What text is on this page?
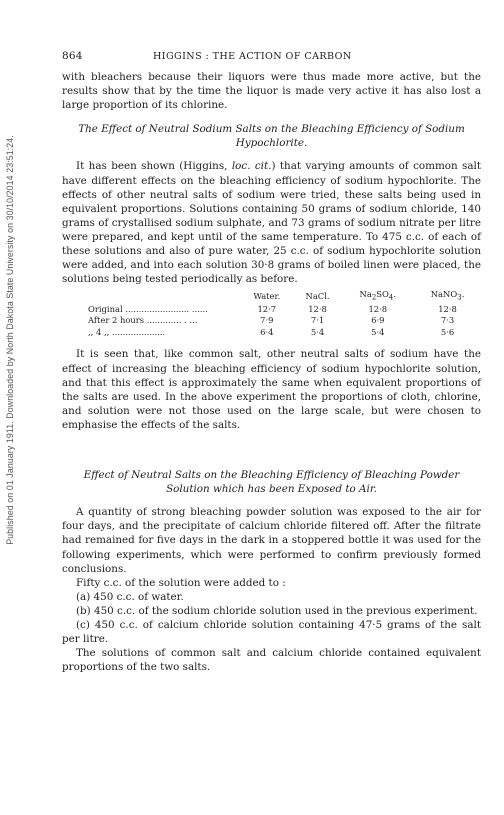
Published on 01 January 1911. Downloaded by North Dakota State University on 30/10/2014 23:51:24.
864	HIGGINS : THE ACTION OF CARBON

with bleachers because their liquors were thus made more active, but the results show that by the time the liquor is made very active it has also lost a large proportion of its chlorine.

The Effect of Neutral Sodium Salts on the Bleaching Efficiency of Sodium Hypochlorite.

It has been shown (Higgins, loc. cit.) that varying amounts of common salt have different effects on the bleaching efficiency of sodium hypochlorite. The effects of other neutral salts of sodium were tried, these salts being used in equivalent proportions. Solutions containing 50 grams of sodium chloride, 140 grams of crystallised sodium sulphate, and 73 grams of sodium nitrate per litre were prepared, and kept until of the same temperature. To 475 c.c. of each of these solutions and also of pure water, 25 c.c. of sodium hypochlorite solution were added, and into each solution 30·8 grams of boiled linen were placed, the solutions being tested periodically as before.

	Water.	NaCl.	$Na_2SO_4$.	NaNO$_3$.
Original ........................ ......	12·7	12·8	12·8	12·8
After 2 hours ............. . ...	7·9	7·1	6·9	7·3
,, 4 ,, ....................	6·4	5·4	5·4	5·6

It is seen that, like common salt, other neutral salts of sodium have the effect of increasing the bleaching efficiency of sodium hypochlorite solution, and that this effect is approximately the same when equivalent proportions of the salts are used. In the above experiment the proportions of cloth, chlorine, and solution were not those used on the large scale, but were chosen to emphasise the effects of the salts.

Effect of Neutral Salts on the Bleaching Efficiency of Bleaching Powder Solution which has been Exposed to Air.

A quantity of strong bleaching powder solution was exposed to the air for four days, and the precipitate of calcium chloride filtered off. After the filtrate had remained for five days in the dark in a stoppered bottle it was used for the following experiments, which were performed to confirm previously formed conclusions.

Fifty c.c. of the solution were added to :

(a) 450 c.c. of water.

(b) 450 c.c. of the sodium chloride solution used in the previous experiment.

(c) 450 c.c. of calcium chloride solution containing 47·5 grams of the salt per litre.

The solutions of common salt and calcium chloride contained equivalent proportions of the two salts.
